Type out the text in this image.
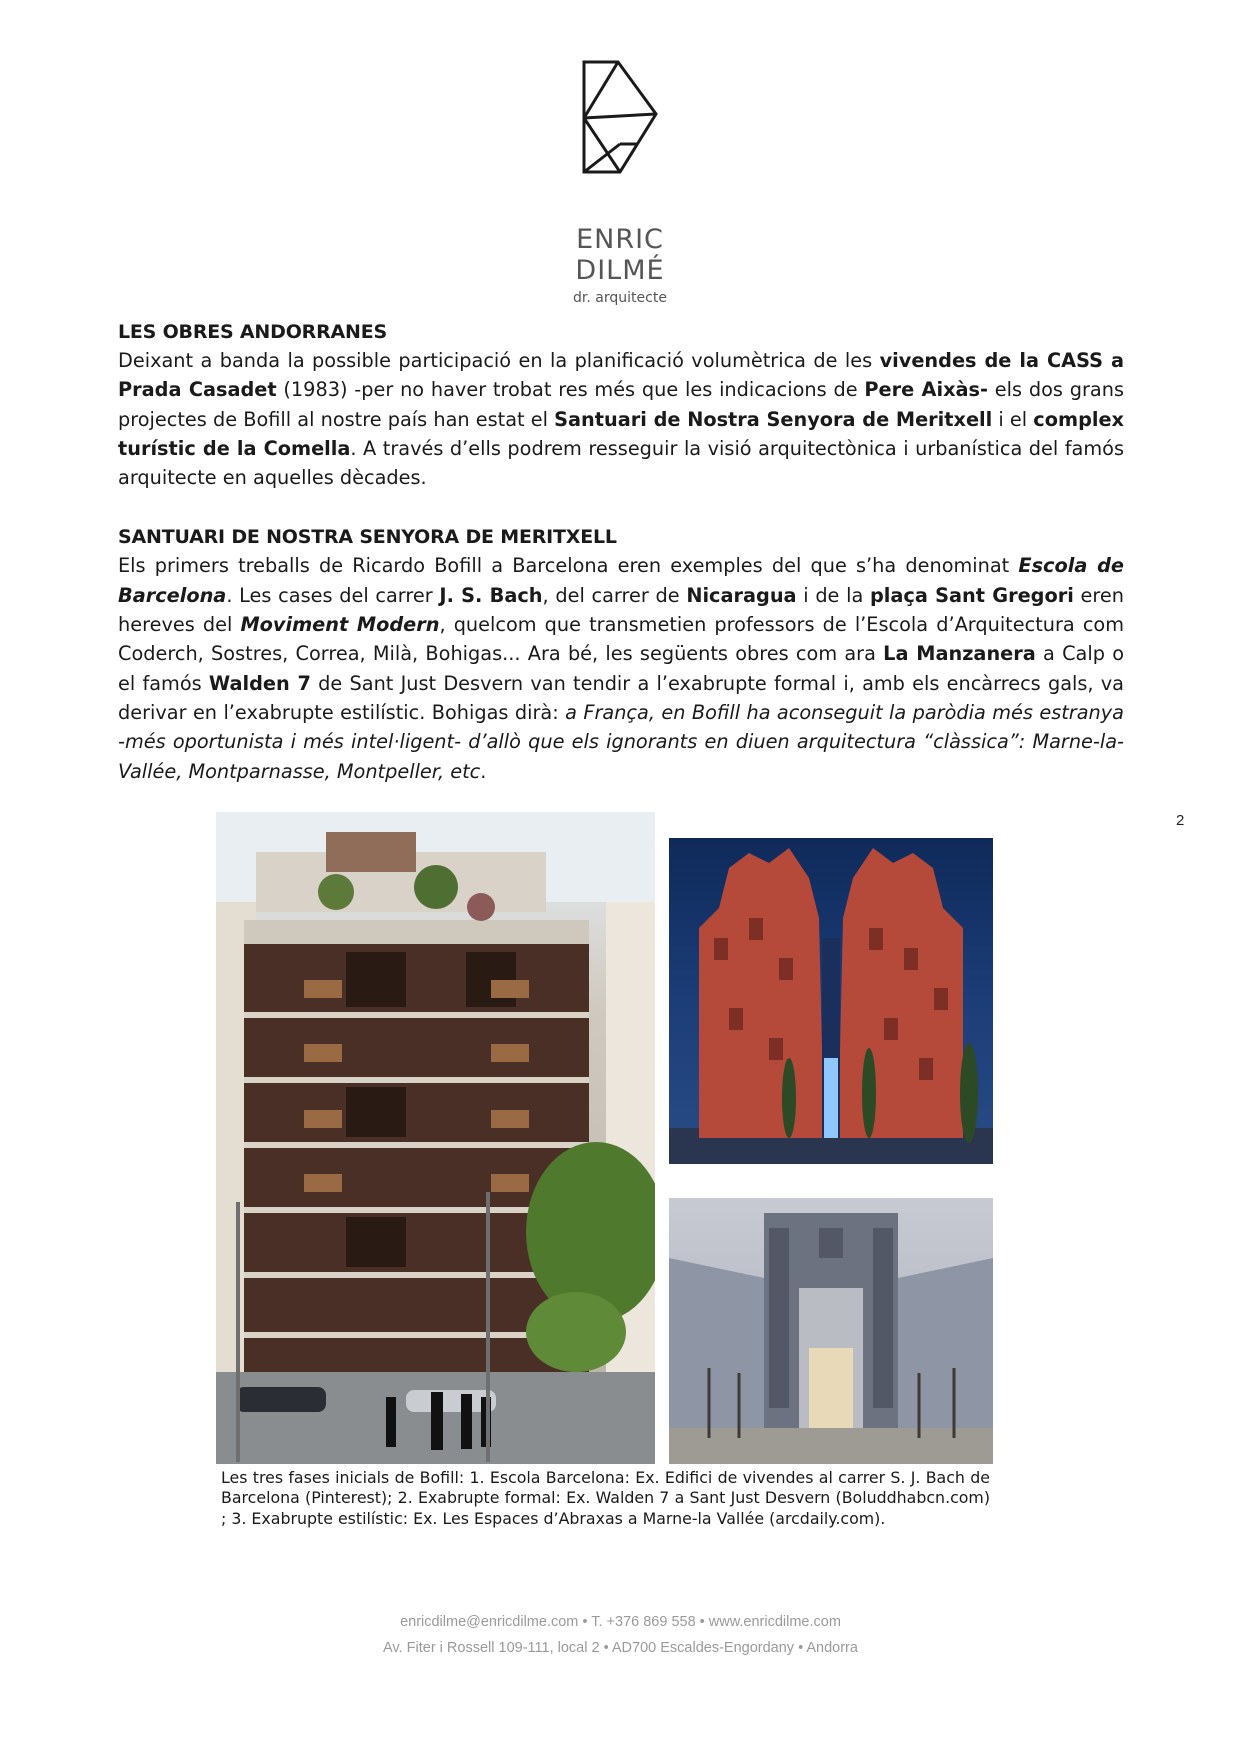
ENRIC DILMÉ
dr. arquitecte
LES OBRES ANDORRANES

Deixant a banda la possible participació en la planificació volumètrica de les vivendes de la CASS a Prada Casadet (1983) -per no haver trobat res més que les indicacions de Pere Aixàs- els dos grans projectes de Bofill al nostre país han estat el Santuari de Nostra Senyora de Meritxell i el complex turístic de la Comella. A través d’ells podrem resseguir la visió arquitectònica i urbanística del famós arquitecte en aquelles dècades.

SANTUARI DE NOSTRA SENYORA DE MERITXELL

Els primers treballs de Ricardo Bofill a Barcelona eren exemples del que s’ha denominat Escola de Barcelona. Les cases del carrer J. S. Bach, del carrer de Nicaragua i de la plaça Sant Gregori eren hereves del Moviment Modern, quelcom que transmetien professors de l’Escola d’Arquitectura com Coderch, Sostres, Correa, Milà, Bohigas... Ara bé, les següents obres com ara La Manzanera a Calp o el famós Walden 7 de Sant Just Desvern van tendir a l’exabrupte formal i, amb els encàrrecs gals, va derivar en l’exabrupte estilístic. Bohigas dirà: a França, en Bofill ha aconseguit la paròdia més estranya -més oportunista i més intel·ligent- d’allò que els ignorants en diuen arquitectura “clàssica”: Marne-la-Vallée, Montparnasse, Montpeller, etc.

2

Les tres fases inicials de Bofill: 1. Escola Barcelona: Ex. Edifici de vivendes al carrer S. J. Bach de Barcelona (Pinterest); 2. Exabrupte formal: Ex. Walden 7 a Sant Just Desvern (Boluddhabcn.com) ; 3. Exabrupte estilístic: Ex. Les Espaces d’Abraxas a Marne-la Vallée (arcdaily.com).

enricdilme@enricdilme.com • T. +376 869 558 • www.enricdilme.com
Av. Fiter i Rossell 109-111, local 2 • AD700 Escaldes-Engordany • Andorra
